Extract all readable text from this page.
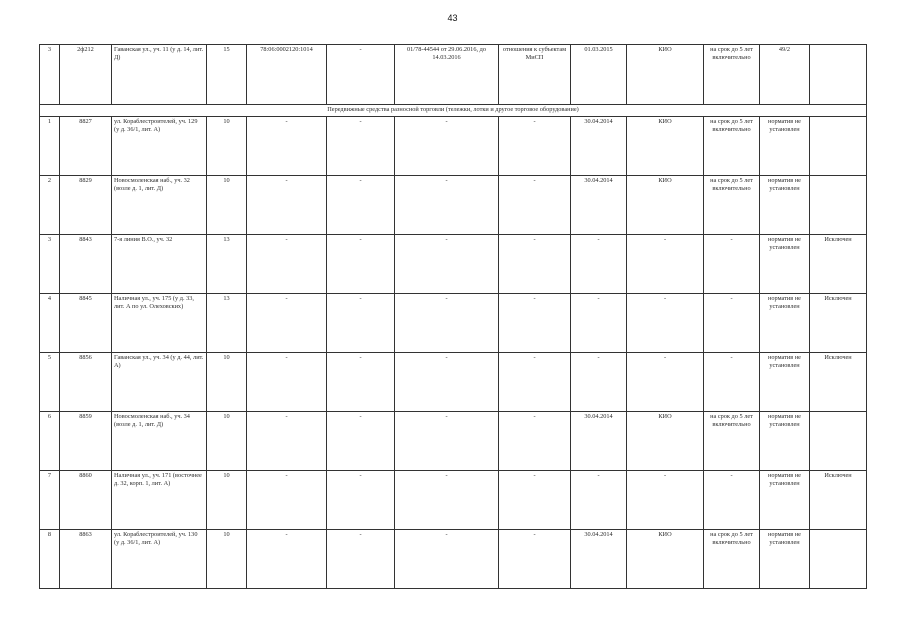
43
3	2ф212	Гаванская ул., уч. 11 (у д. 14, лит. Д)	15	78:06:0002120:1014	-	01/78-44544 от 29.06.2016, до 14.03.2016	отношения к субъектам МиСП	01.03.2015	КИО	на срок до 5 лет включительно	49/2	
Передвижные средства разносной торговли (тележки, лотки и другое торговое оборудование)												
1	8827	ул. Кораблестроителей, уч. 129 (у д. 36/1, лит. А)	10	-	-	-	-	30.04.2014	КИО	на срок до 5 лет включительно	норматив не установлен	
2	8829	Новосмоленская наб., уч. 32 (возле д. 1, лит. Д)	10	-	-	-	-	30.04.2014	КИО	на срок до 5 лет включительно	норматив не установлен	
3	8843	7-я линия В.О., уч. 32	13	-	-	-	-	-	-	-	норматив не установлен	Исключен
4	8845	Наличная ул., уч. 175 (у д. 33, лит. А по ул. Олеховских)	13	-	-	-	-	-	-	-	норматив не установлен	Исключен
5	8856	Гаванская ул., уч. 34 (у д. 44, лит. А)	10	-	-	-	-	-	-	-	норматив не установлен	Исключен
6	8859	Новосмоленская наб., уч. 34 (возле д. 1, лит. Д)	10	-	-	-	-	30.04.2014	КИО	на срок до 5 лет включительно	норматив не установлен	
7	8860	Наличная ул., уч. 171 (восточнее д. 32, корп. 1, лит. А)	10	-	-	-	-	-	-	-	норматив не установлен	Исключен
8	8863	ул. Кораблестроителей, уч. 130 (у д. 36/1, лит. А)	10	-	-	-	-	30.04.2014	КИО	на срок до 5 лет включительно	норматив не установлен	
